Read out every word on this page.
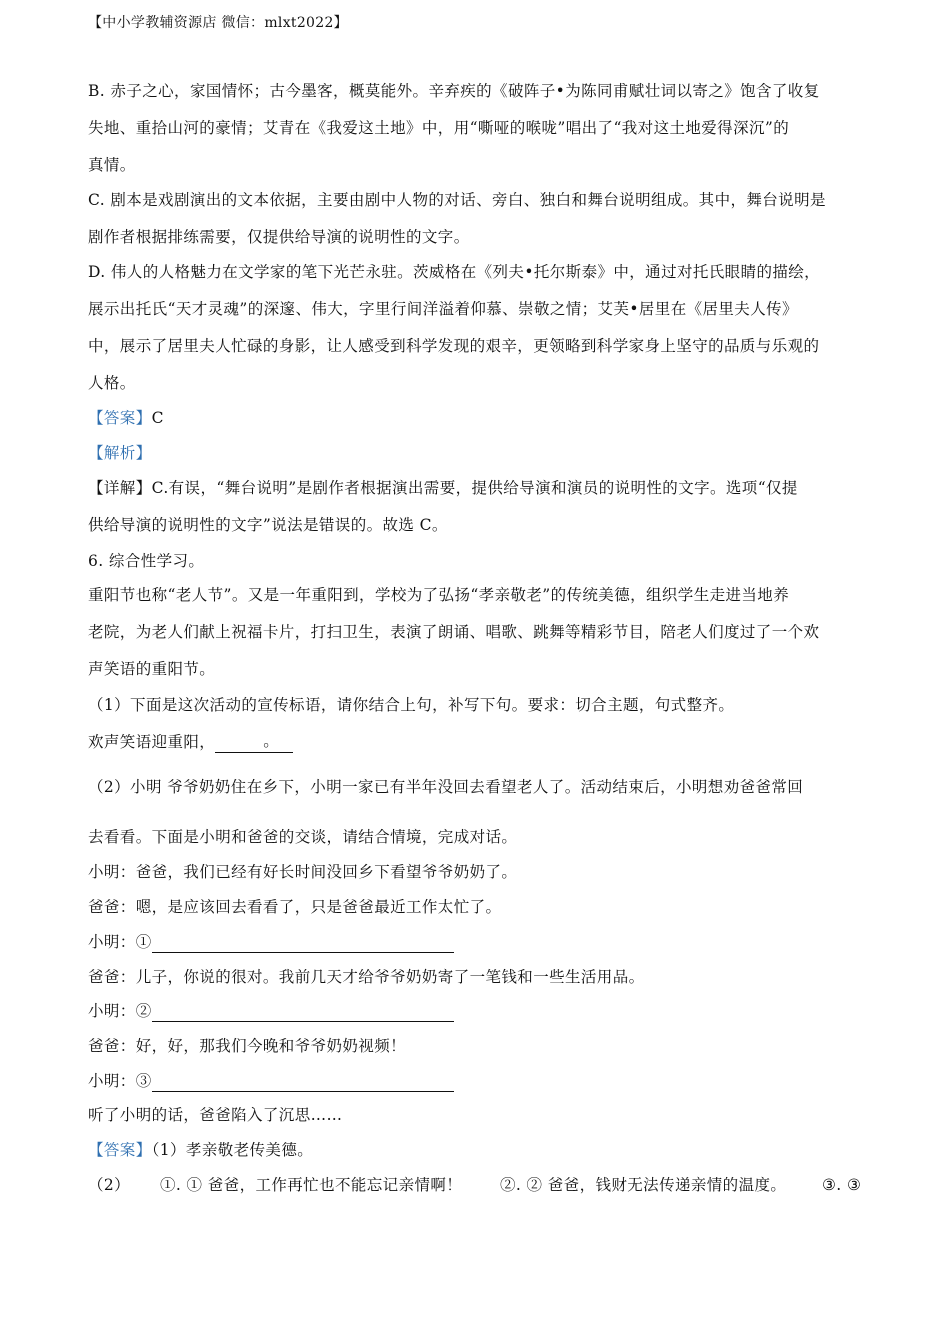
【中小学教辅资源店 微信：mlxt2022】
B. 赤子之心，家国情怀；古今墨客，概莫能外。辛弃疾的《破阵子•为陈同甫赋壮词以寄之》饱含了收复
失地、重拾山河的豪情；艾青在《我爱这土地》中，用“嘶哑的喉咙”唱出了“我对这土地爱得深沉”的
真情。
C. 剧本是戏剧演出的文本依据，主要由剧中人物的对话、旁白、独白和舞台说明组成。其中，舞台说明是
剧作者根据排练需要，仅提供给导演的说明性的文字。
D. 伟人的人格魅力在文学家的笔下光芒永驻。茨威格在《列夫•托尔斯泰》中，通过对托氏眼睛的描绘，
展示出托氏“天才灵魂”的深邃、伟大，字里行间洋溢着仰慕、崇敬之情；艾芙•居里在《居里夫人传》
中，展示了居里夫人忙碌的身影，让人感受到科学发现的艰辛，更领略到科学家身上坚守的品质与乐观的
人格。
【答案】C
【解析】
【详解】C.有误，“舞台说明”是剧作者根据演出需要，提供给导演和演员的说明性的文字。选项“仅提
供给导演的说明性的文字”说法是错误的。故选 C。
6. 综合性学习。
重阳节也称“老人节”。又是一年重阳到，学校为了弘扬“孝亲敬老”的传统美德，组织学生走进当地养
老院，为老人们献上祝福卡片，打扫卫生，表演了朗诵、唱歌、跳舞等精彩节目，陪老人们度过了一个欢
声笑语的重阳节。
（1）下面是这次活动的宣传标语，请你结合上句，补写下句。要求：切合主题，句式整齐。
欢声笑语迎重阳，	。
（2）小明 爷爷奶奶住在乡下，小明一家已有半年没回去看望老人了。活动结束后，小明想劝爸爸常回
去看看。下面是小明和爸爸的交谈，请结合情境，完成对话。
小明：爸爸，我们已经有好长时间没回乡下看望爷爷奶奶了。
爸爸：嗯，是应该回去看看了，只是爸爸最近工作太忙了。
小明：①
爸爸：儿子，你说的很对。我前几天才给爷爷奶奶寄了一笔钱和一些生活用品。
小明：②
爸爸：好，好，那我们今晚和爷爷奶奶视频！
小明：③
听了小明的话，爸爸陷入了沉思……
【答案】（1）孝亲敬老传美德。
（2） ①. ① 爸爸，工作再忙也不能忘记亲情啊！ ②. ② 爸爸，钱财无法传递亲情的温度。 ③. ③
